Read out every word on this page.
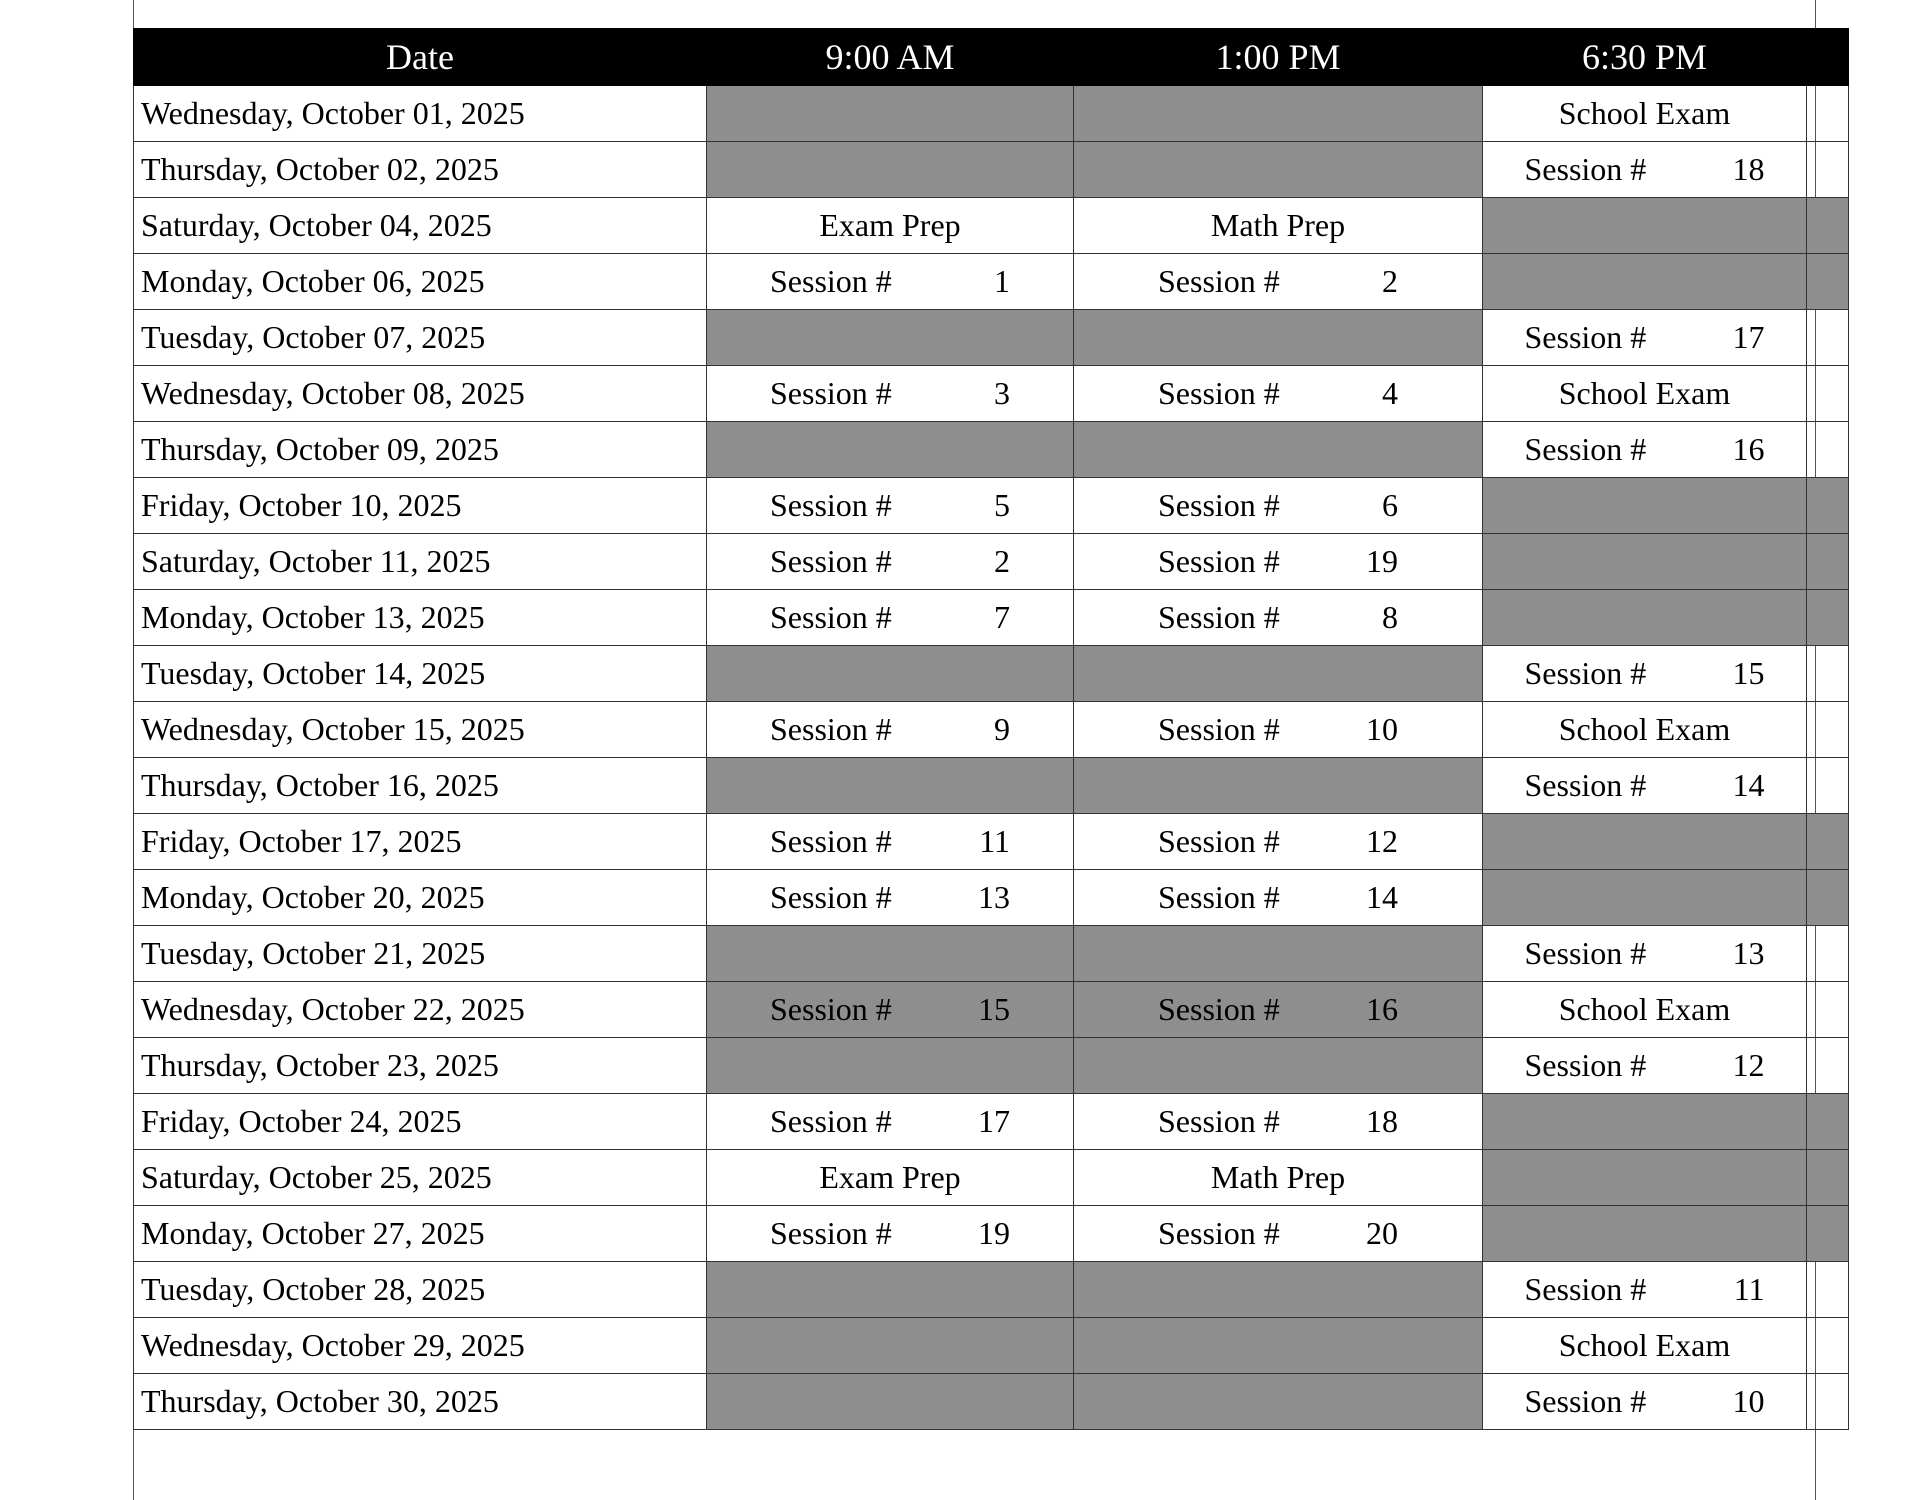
Date	9:00 AM	1:00 PM	6:30 PM	
Wednesday, October 01, 2025			School Exam	
Thursday, October 02, 2025			Session # 18	

Saturday, October 04, 2025	Exam Prep	Math Prep		
Monday, October 06, 2025	Session # 1	Session # 2		

Tuesday, October 07, 2025			Session # 17	

Wednesday, October 08, 2025	Session # 3	Session # 4	School Exam	
Thursday, October 09, 2025			Session # 16	

Friday, October 10, 2025	Session # 5	Session # 6		

Saturday, October 11, 2025	Session # 2	Session # 19		

Monday, October 13, 2025	Session # 7	Session # 8		

Tuesday, October 14, 2025			Session # 15	

Wednesday, October 15, 2025	Session # 9	Session # 10	School Exam	
Thursday, October 16, 2025			Session # 14	

Friday, October 17, 2025	Session # 11	Session # 12		

Monday, October 20, 2025	Session # 13	Session # 14		

Tuesday, October 21, 2025			Session # 13	

Wednesday, October 22, 2025	Session # 15	Session # 16	School Exam	
Thursday, October 23, 2025			Session # 12	

Friday, October 24, 2025	Session # 17	Session # 18		

Saturday, October 25, 2025	Exam Prep	Math Prep		
Monday, October 27, 2025	Session # 19	Session # 20		

Tuesday, October 28, 2025			Session # 11	

Wednesday, October 29, 2025			School Exam	
Thursday, October 30, 2025			Session # 10	
